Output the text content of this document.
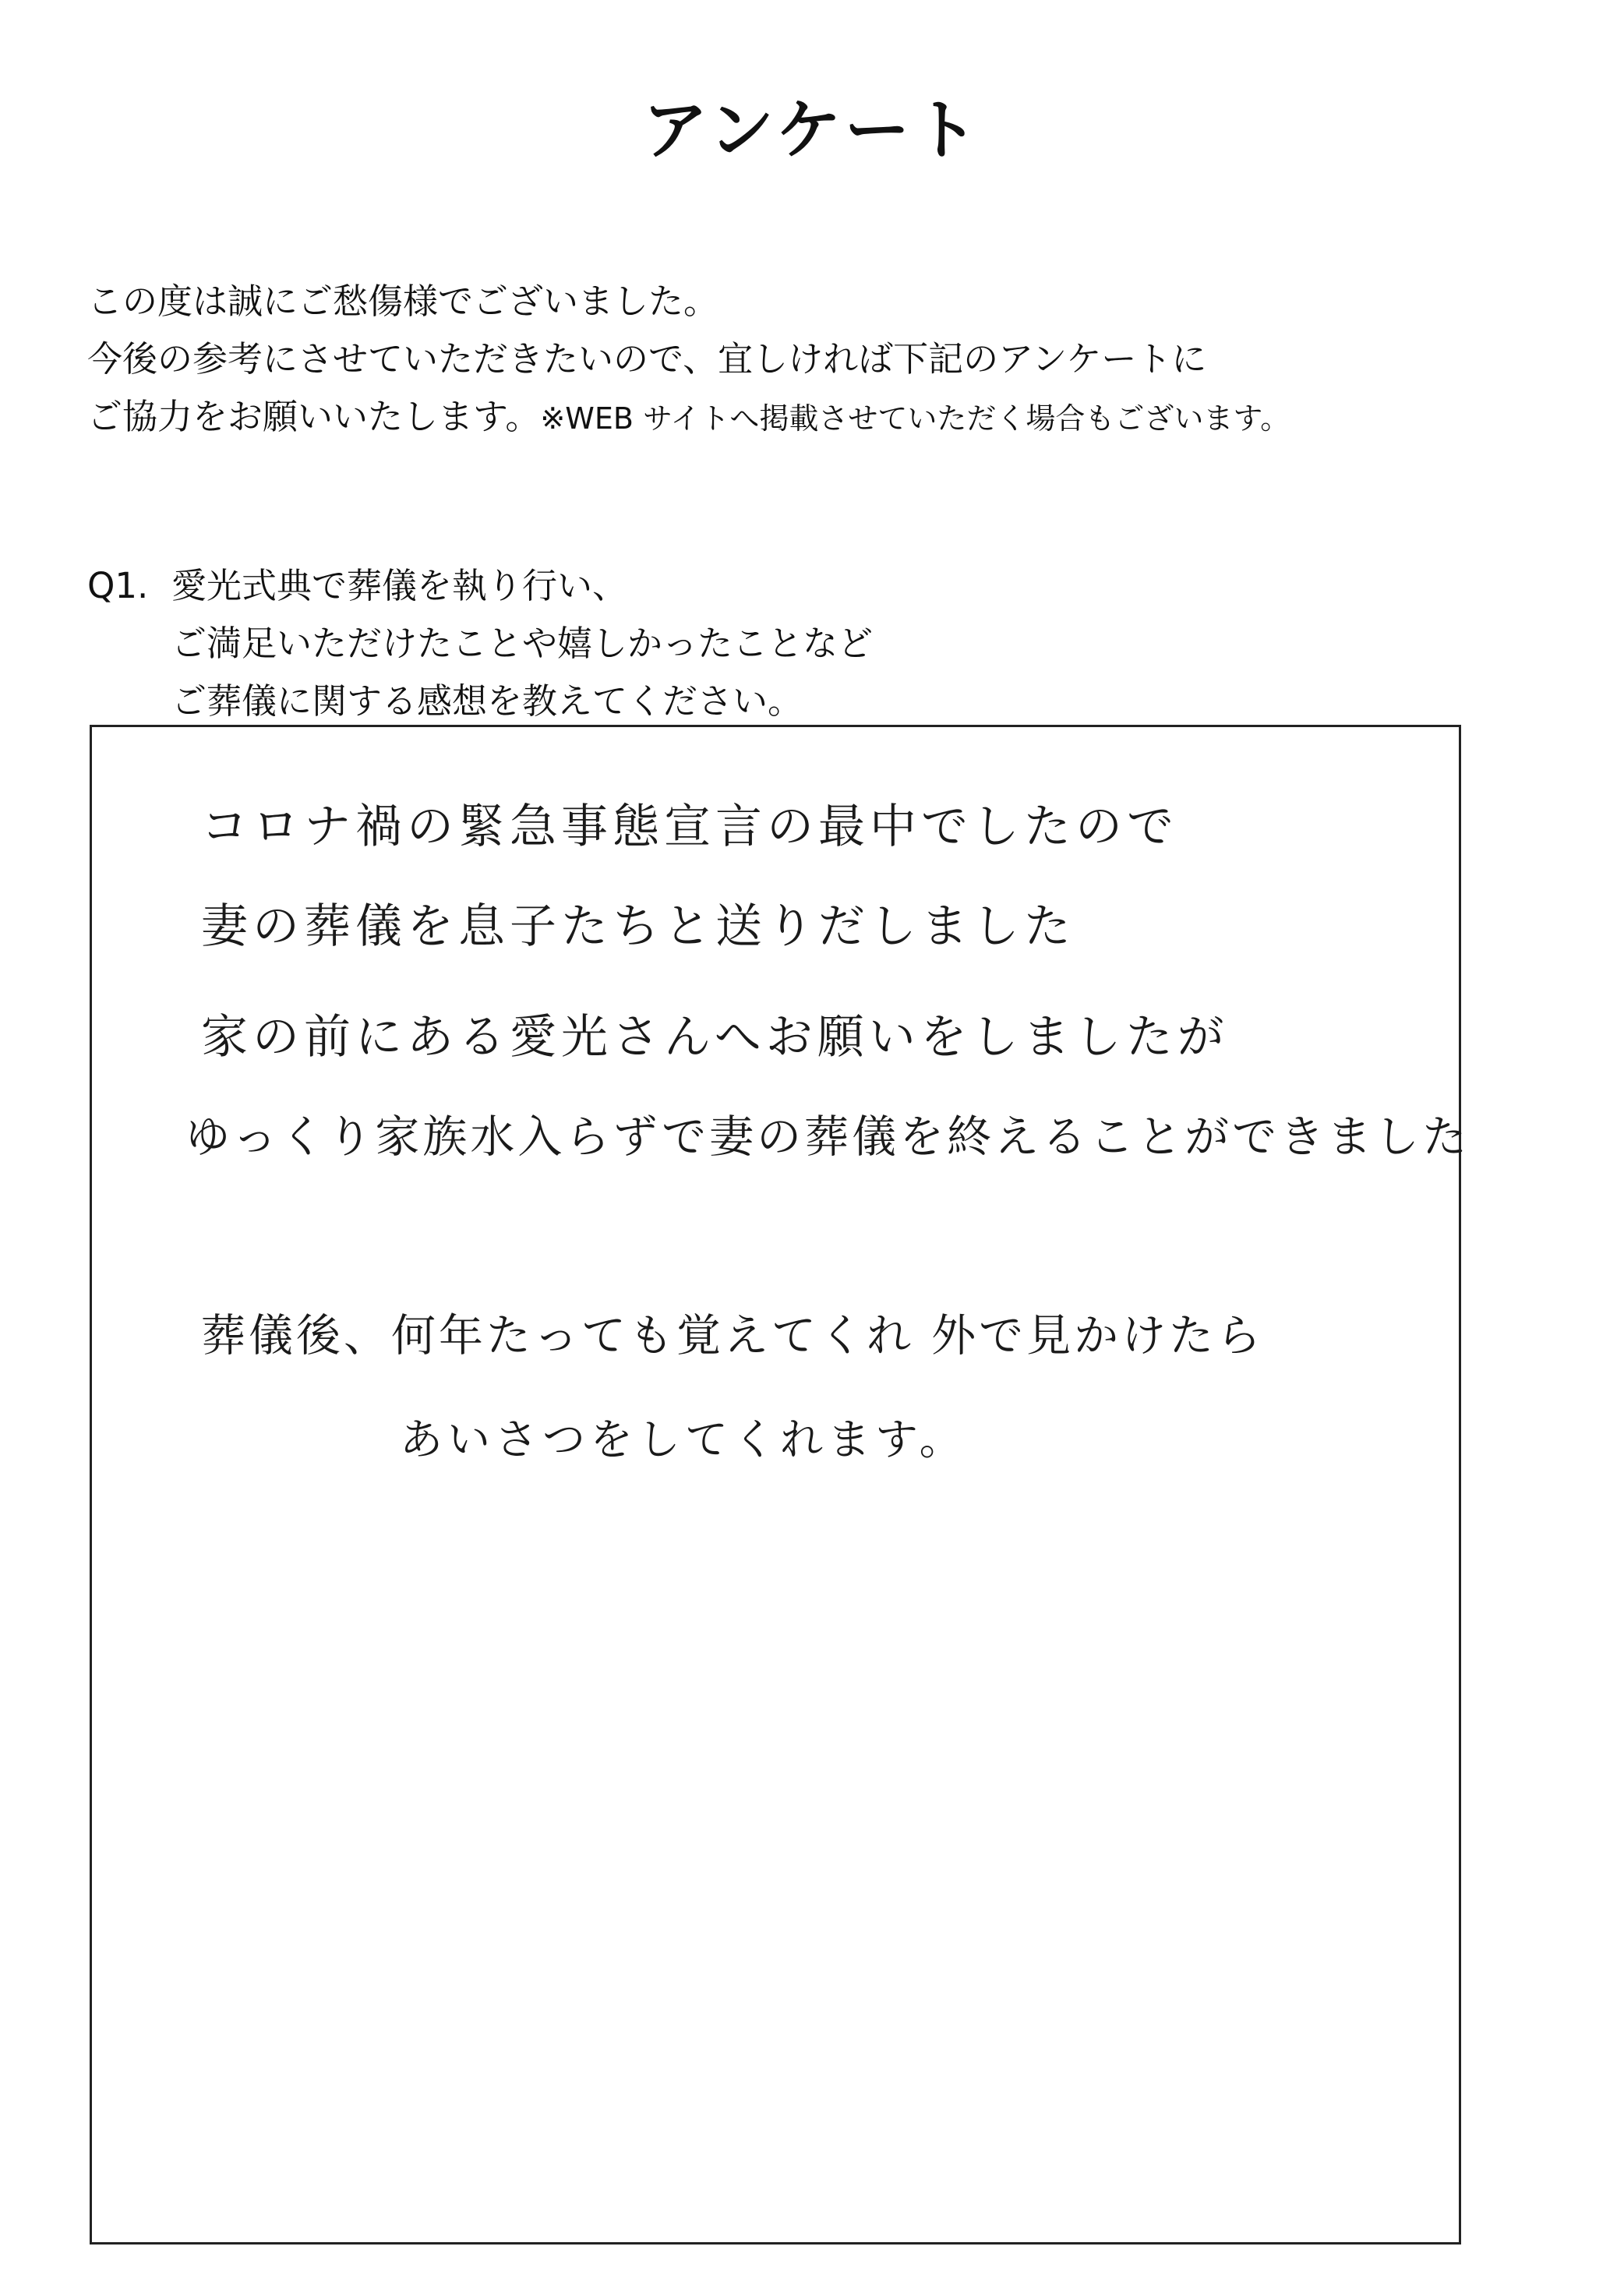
アンケート
この度は誠にご愁傷様でございました。
今後の参考にさせていただきたいので、宜しければ下記のアンケートに
ご協力をお願いいたします。※WEB サイトへ掲載させていただく場合もございます。
Q1. 愛光式典で葬儀を執り行い、
ご満足いただけたことや嬉しかったことなど
ご葬儀に関する感想を教えてください。
コロナ禍の緊急事態宣言の最中でしたので
妻の葬儀を息子たちと送りだしました
家の前にある愛光さんへお願いをしましたが
ゆっくり家族水入らずで妻の葬儀を終えることができました
葬儀後、何年たっても覚えてくれ 外で見かけたら
あいさつをしてくれます。
